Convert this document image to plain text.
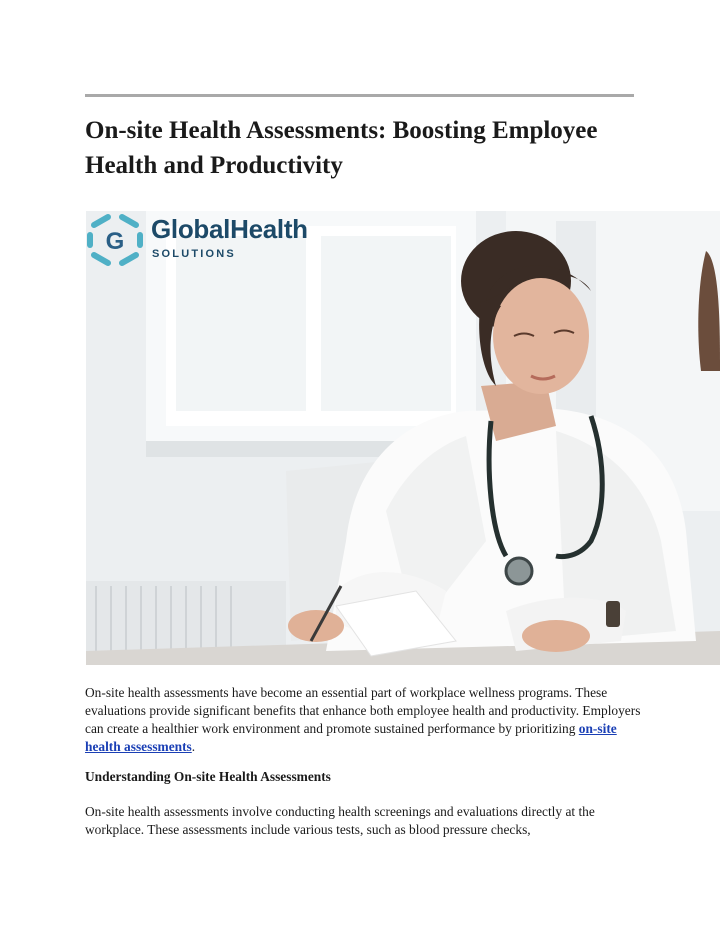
On-site Health Assessments: Boosting Employee Health and Productivity
G GlobalHealth
SOLUTIONS

On-site health assessments have become an essential part of workplace wellness programs. These evaluations provide significant benefits that enhance both employee health and productivity. Employers can create a healthier work environment and promote sustained performance by prioritizing on-site health assessments.

Understanding On-site Health Assessments

On-site health assessments involve conducting health screenings and evaluations directly at the workplace. These assessments include various tests, such as blood pressure checks,
